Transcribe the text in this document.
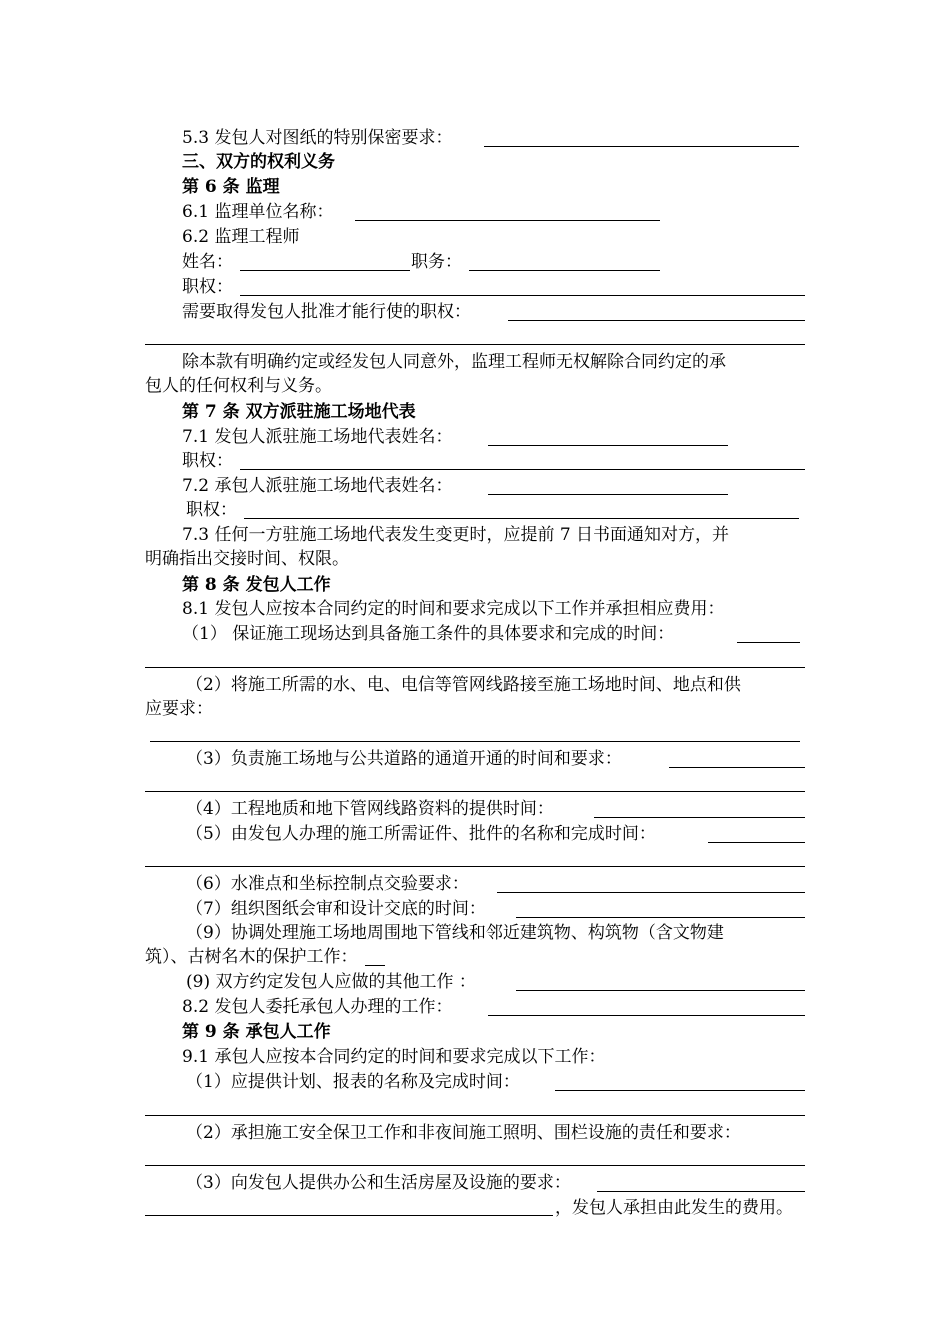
5.3 发包人对图纸的特别保密要求：
三、双方的权利义务
第 6 条 监理
6.1 监理单位名称：
6.2 监理工程师
姓名：	职务：
职权：
需要取得发包人批准才能行使的职权：
除本款有明确约定或经发包人同意外，监理工程师无权解除合同约定的承
包人的任何权利与义务。
第 7 条 双方派驻施工场地代表
7.1 发包人派驻施工场地代表姓名：
职权：
7.2 承包人派驻施工场地代表姓名：
职权：
7.3 任何一方驻施工场地代表发生变更时，应提前 7 日书面通知对方，并
明确指出交接时间、权限。
第 8 条 发包人工作
8.1 发包人应按本合同约定的时间和要求完成以下工作并承担相应费用：
（1） 保证施工现场达到具备施工条件的具体要求和完成的时间：
（2）将施工所需的水、电、电信等管网线路接至施工场地时间、地点和供
应要求：
（3）负责施工场地与公共道路的通道开通的时间和要求：
（4）工程地质和地下管网线路资料的提供时间：
（5）由发包人办理的施工所需证件、批件的名称和完成时间：
（6）水准点和坐标控制点交验要求：
（7）组织图纸会审和设计交底的时间：
（9）协调处理施工场地周围地下管线和邻近建筑物、构筑物（含文物建
筑）、古树名木的保护工作：
(9) 双方约定发包人应做的其他工作 ：
8.2 发包人委托承包人办理的工作：
第 9 条 承包人工作
9.1 承包人应按本合同约定的时间和要求完成以下工作：
（1）应提供计划、报表的名称及完成时间：
（2）承担施工安全保卫工作和非夜间施工照明、围栏设施的责任和要求：
（3）向发包人提供办公和生活房屋及设施的要求：
，发包人承担由此发生的费用。
